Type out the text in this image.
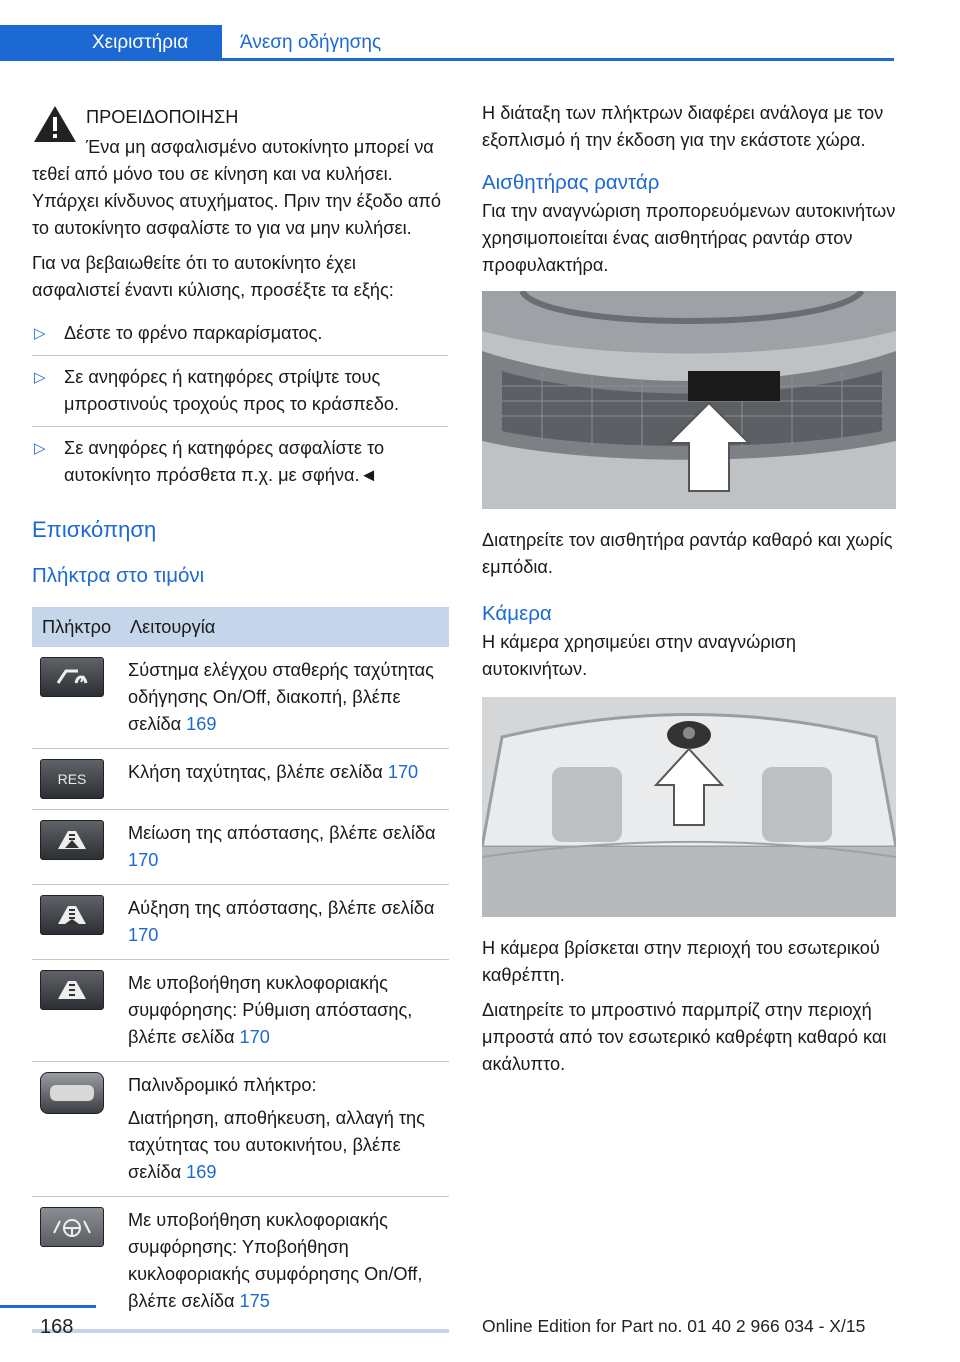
Χειριστήρια	Άνεση οδήγησης

ΠΡΟΕΙΔΟΠΟΙΗΣΗ

Ένα μη ασφαλισμένο αυτοκίνητο μπορεί να τεθεί από μόνο του σε κίνηση και να κυλήσει. Υπάρχει κίνδυνος ατυχήματος. Πριν την έξοδο από το αυτοκίνητο ασφαλίστε το για να μην κυλήσει.

Για να βεβαιωθείτε ότι το αυτοκίνητο έχει ασφαλιστεί έναντι κύλισης, προσέξτε τα εξής:

▷ Δέστε το φρένο παρκαρίσματος.
▷ Σε ανηφόρες ή κατηφόρες στρίψτε τους μπροστινούς τροχούς προς το κράσπεδο.
▷ Σε ανηφόρες ή κατηφόρες ασφαλίστε το αυτοκίνητο πρόσθετα π.χ. με σφήνα.◄
Επισκόπηση
Πλήκτρα στο τιμόνι
Πλήκτρο	Λειτουργία

	Σύστημα ελέγχου σταθερής ταχύτητας οδήγησης On/Off, διακοπή, βλέπε σελίδα 169

RES	Κλήση ταχύτητας, βλέπε σελίδα 170

	Μείωση της απόστασης, βλέπε σελίδα 170

	Αύξηση της απόστασης, βλέπε σελίδα 170

	Με υποβοήθηση κυκλοφοριακής συμφόρησης: Ρύθμιση απόστασης, βλέπε σελίδα 170

	Παλινδρομικό πλήκτρο:
Διατήρηση, αποθήκευση, αλλαγή της ταχύτητας του αυτοκινήτου, βλέπε σελίδα 169

	Με υποβοήθηση κυκλοφοριακής συμφόρησης: Υποβοήθηση κυκλοφοριακής συμφόρησης On/Off, βλέπε σελίδα 175

Η διάταξη των πλήκτρων διαφέρει ανάλογα με τον εξοπλισμό ή την έκδοση για την εκάστοτε χώρα.

Αισθητήρας ραντάρ

Για την αναγνώριση προπορευόμενων αυτοκινήτων χρησιμοποιείται ένας αισθητήρας ραντάρ στον προφυλακτήρα.

Διατηρείτε τον αισθητήρα ραντάρ καθαρό και χωρίς εμπόδια.

Κάμερα

Η κάμερα χρησιμεύει στην αναγνώριση αυτοκινήτων.

Η κάμερα βρίσκεται στην περιοχή του εσωτερικού καθρέπτη.

Διατηρείτε το μπροστινό παρμπρίζ στην περιοχή μπροστά από τον εσωτερικό καθρέφτη καθαρό και ακάλυπτο.

168	Online Edition for Part no. 01 40 2 966 034 - X/15
